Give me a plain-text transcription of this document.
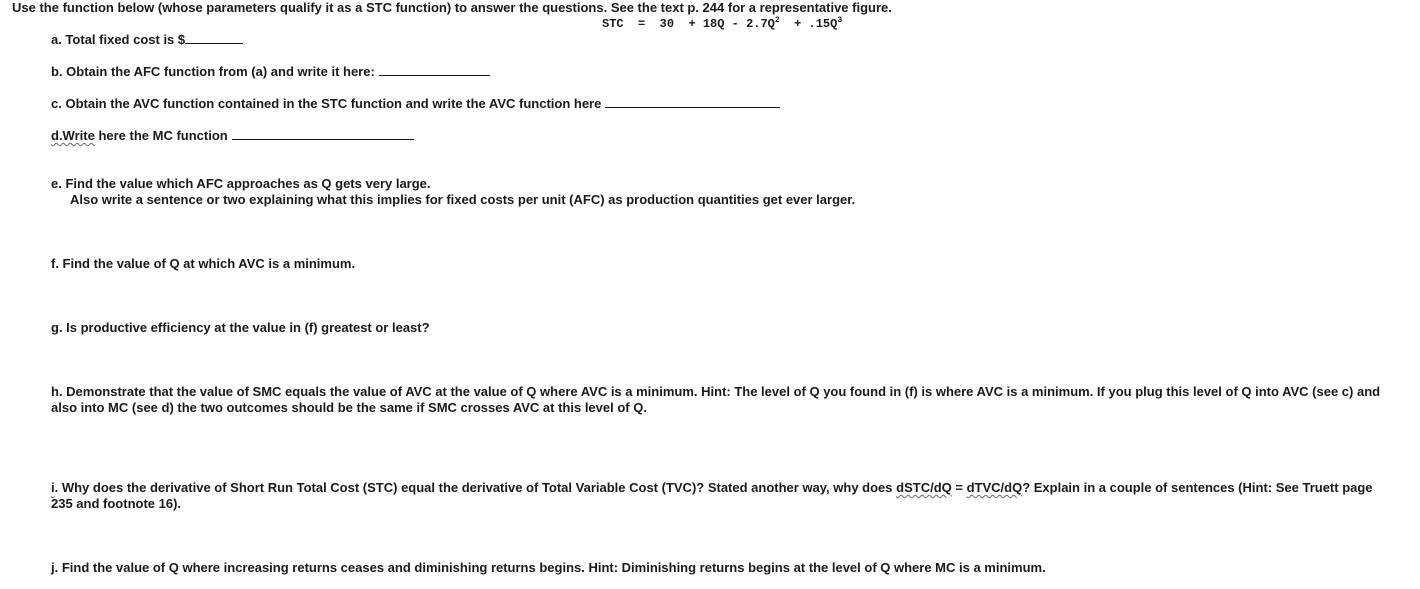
Use the function below (whose parameters qualify it as a STC function) to answer the questions. See the text p. 244 for a representative figure.
STC = $30 + 18Q - 2.7Q^2 + .15Q^3$
a. Total fixed cost is $
b. Obtain the AFC function from (a) and write it here:
c. Obtain the AVC function contained in the STC function and write the AVC function here
d.Write here the MC function
e. Find the value which AFC approaches as Q gets very large.
Also write a sentence or two explaining what this implies for fixed costs per unit (AFC) as production quantities get ever larger.
f. Find the value of Q at which AVC is a minimum.
g. Is productive efficiency at the value in (f) greatest or least?
h. Demonstrate that the value of SMC equals the value of AVC at the value of Q where AVC is a minimum. Hint: The level of Q you found in (f) is where AVC is a minimum. If you plug this level of Q into AVC (see c) and
also into MC (see d) the two outcomes should be the same if SMC crosses AVC at this level of Q.
i. Why does the derivative of Short Run Total Cost (STC) equal the derivative of Total Variable Cost (TVC)? Stated another way, why does dSTC/dQ = dTVC/dQ? Explain in a couple of sentences (Hint: See Truett page
235 and footnote 16).
j. Find the value of Q where increasing returns ceases and diminishing returns begins. Hint: Diminishing returns begins at the level of Q where MC is a minimum.
